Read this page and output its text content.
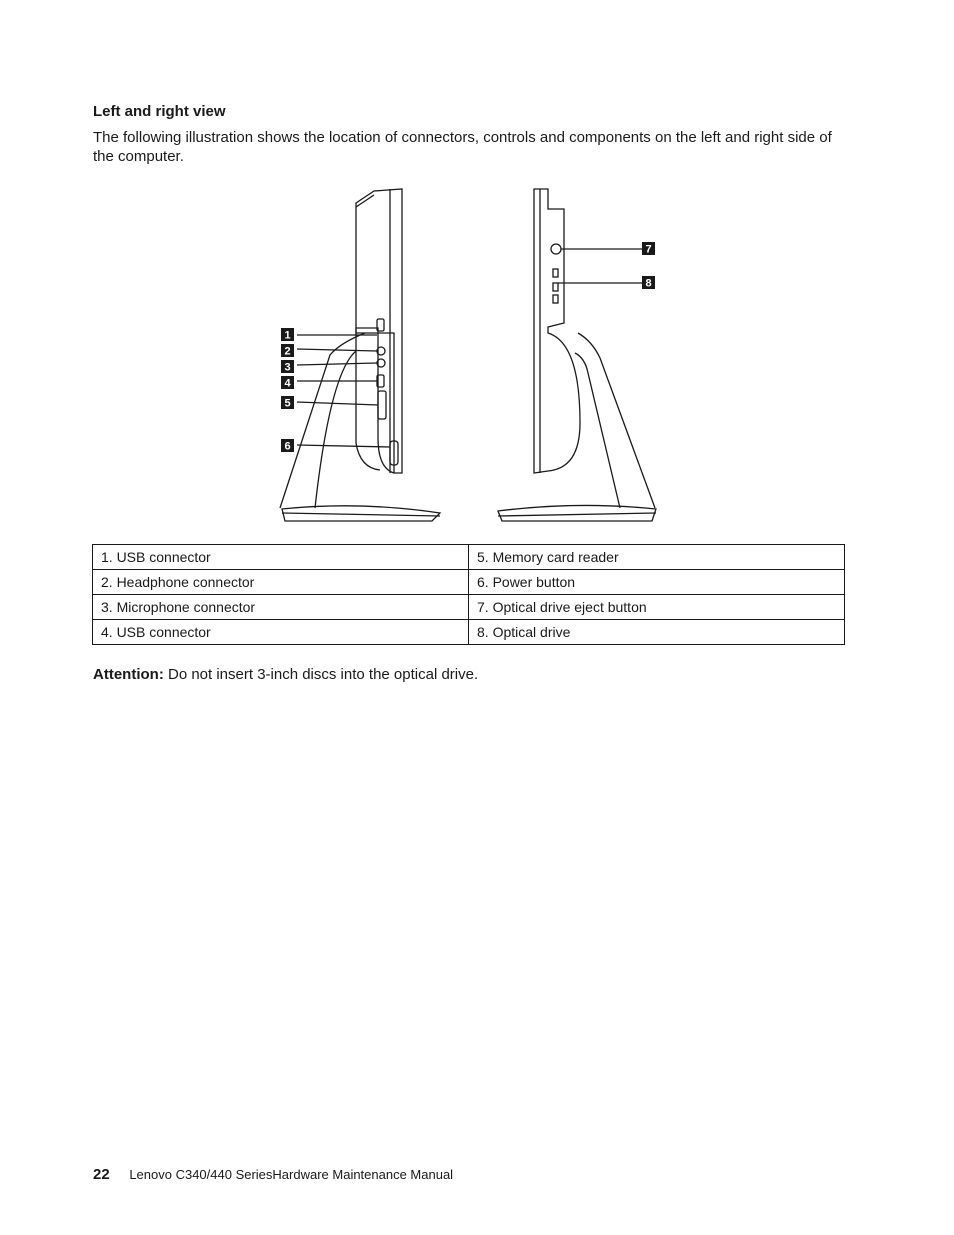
Left and right view
The following illustration shows the location of connectors, controls and components on the left and right side of the computer.
1
2
3
4
5
6
7
8
1. USB connector	5. Memory card reader
2. Headphone connector	6. Power button
3. Microphone connector	7. Optical drive eject button
4. USB connector	8. Optical drive
Attention: Do not insert 3-inch discs into the optical drive.
22 Lenovo C340/440 SeriesHardware Maintenance Manual
